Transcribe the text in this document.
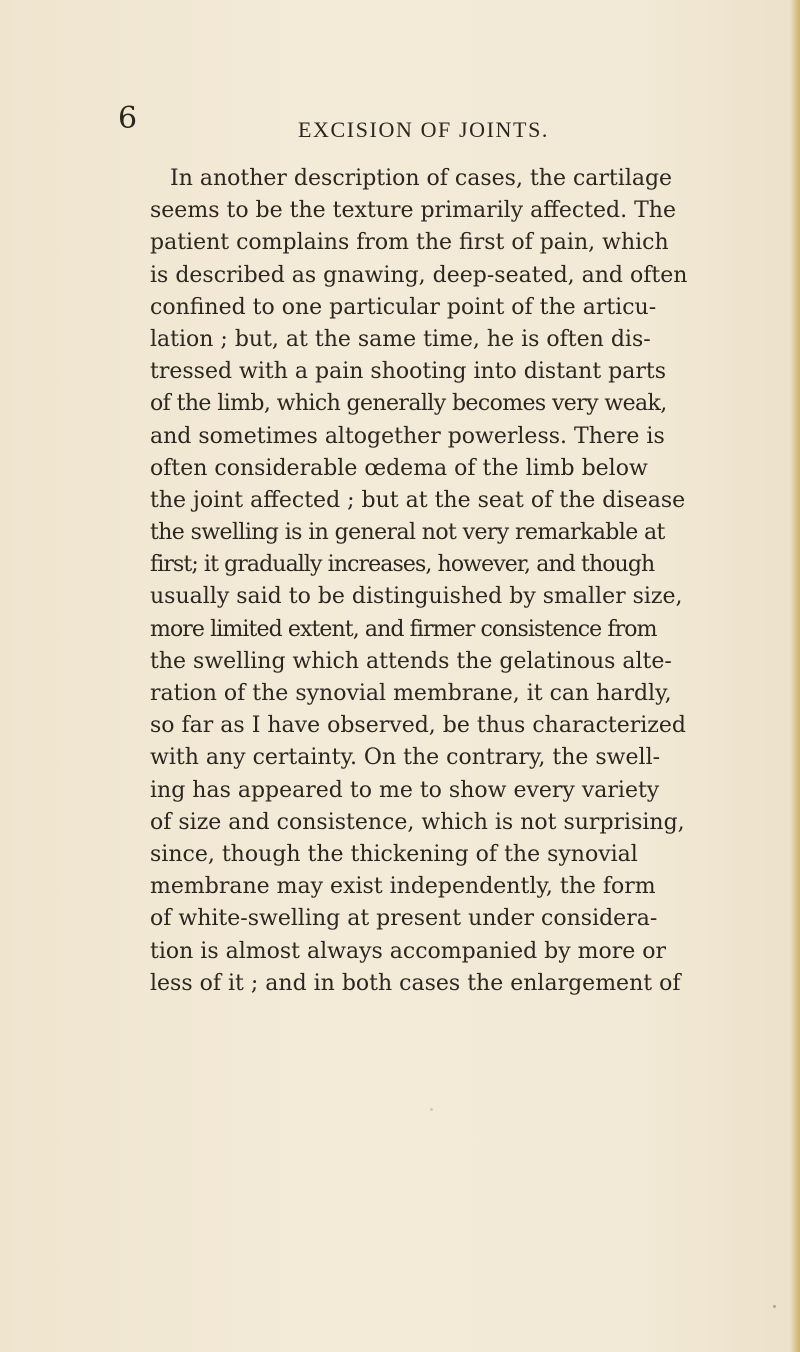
6	EXCISION OF JOINTS.
In another description of cases, the cartilage
seems to be the texture primarily affected. The
patient complains from the first of pain, which
is described as gnawing, deep-seated, and often
confined to one particular point of the articu-
lation ; but, at the same time, he is often dis-
tressed with a pain shooting into distant parts
of the limb, which generally becomes very weak,
and sometimes altogether powerless. There is
often considerable œdema of the limb below
the joint affected ; but at the seat of the disease
the swelling is in general not very remarkable at
first; it gradually increases, however, and though
usually said to be distinguished by smaller size,
more limited extent, and firmer consistence from
the swelling which attends the gelatinous alte-
ration of the synovial membrane, it can hardly,
so far as I have observed, be thus characterized
with any certainty. On the contrary, the swell-
ing has appeared to me to show every variety
of size and consistence, which is not surprising,
since, though the thickening of the synovial
membrane may exist independently, the form
of white-swelling at present under considera-
tion is almost always accompanied by more or
less of it ; and in both cases the enlargement of
